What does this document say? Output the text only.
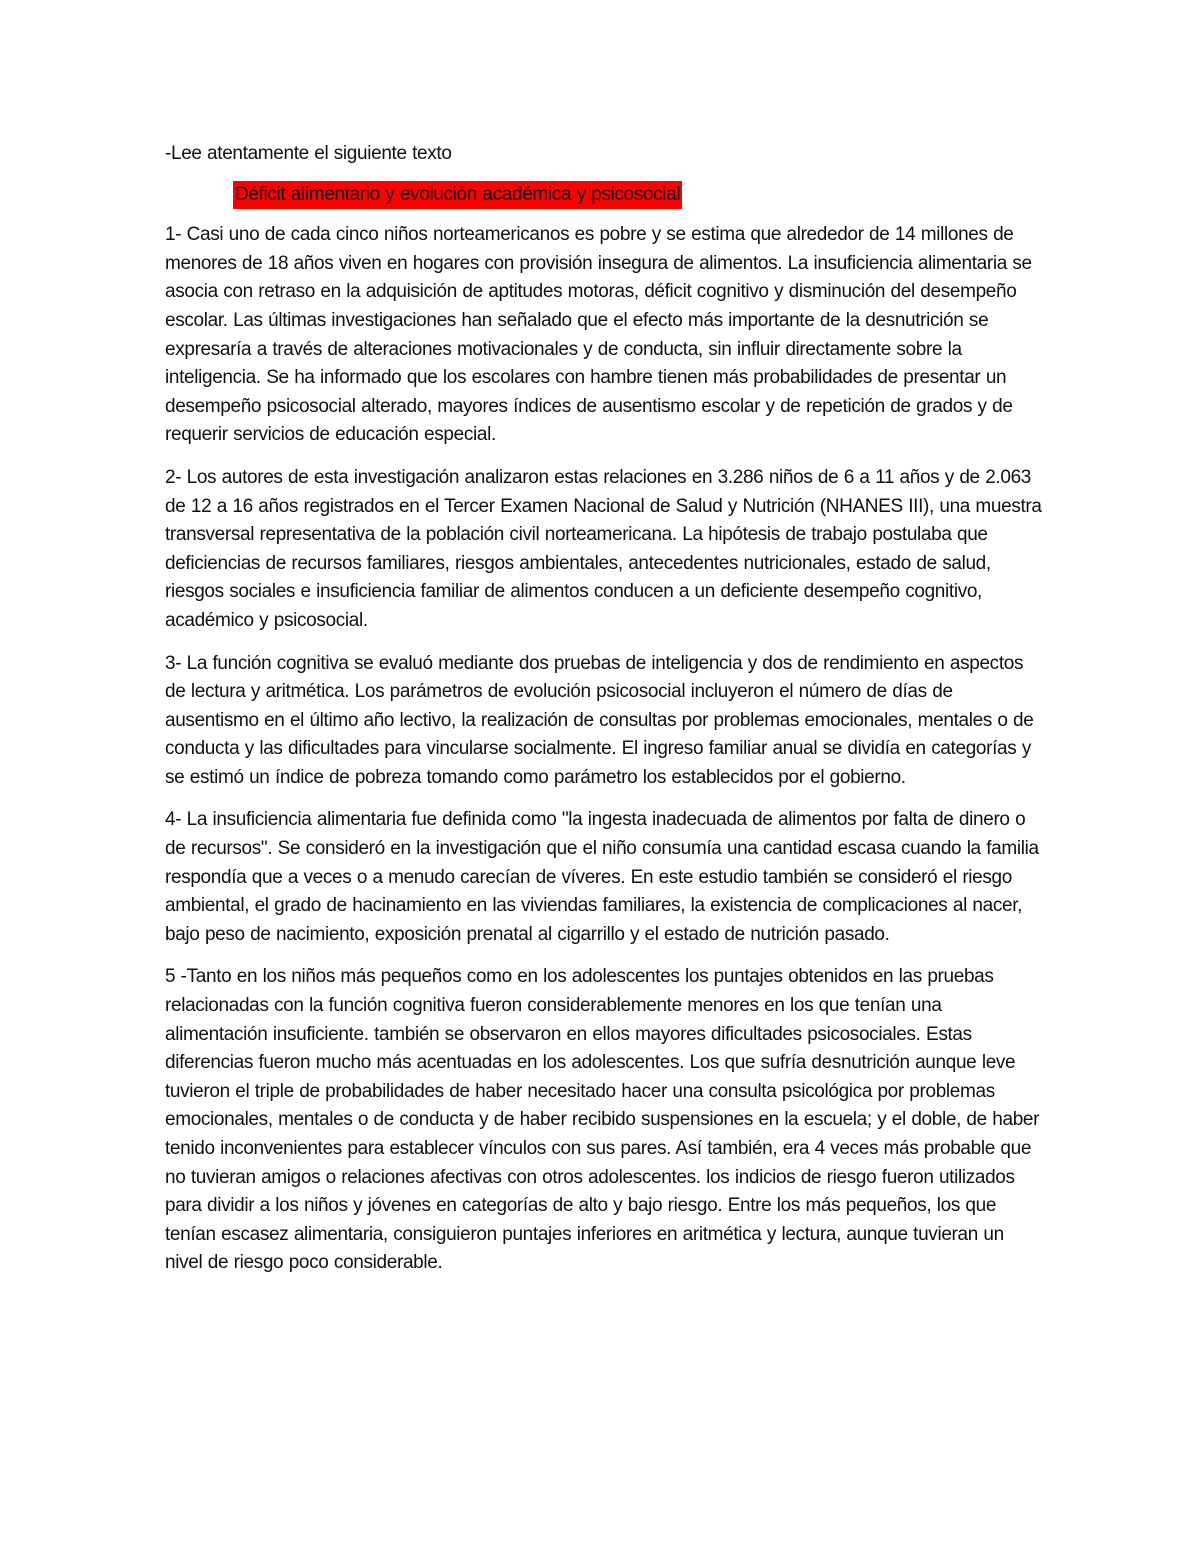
-Lee atentamente el siguiente texto

Déficit alimentario y evolución académica y psicosocial

1- Casi uno de cada cinco niños norteamericanos es pobre y se estima que alrededor de 14 millones de menores de 18 años viven en hogares con provisión insegura de alimentos. La insuficiencia alimentaria se asocia con retraso en la adquisición de aptitudes motoras, déficit cognitivo y disminución del desempeño escolar. Las últimas investigaciones han señalado que el efecto más importante de la desnutrición se expresaría a través de alteraciones motivacionales y de conducta, sin influir directamente sobre la inteligencia. Se ha informado que los escolares con hambre tienen más probabilidades de presentar un desempeño psicosocial alterado, mayores índices de ausentismo escolar y de repetición de grados y de requerir servicios de educación especial.

2- Los autores de esta investigación analizaron estas relaciones en 3.286 niños de 6 a 11 años y de 2.063 de 12 a 16 años registrados en el Tercer Examen Nacional de Salud y Nutrición (NHANES III), una muestra transversal representativa de la población civil norteamericana. La hipótesis de trabajo postulaba que deficiencias de recursos familiares, riesgos ambientales, antecedentes nutricionales, estado de salud, riesgos sociales e insuficiencia familiar de alimentos conducen a un deficiente desempeño cognitivo, académico y psicosocial.

3- La función cognitiva se evaluó mediante dos pruebas de inteligencia y dos de rendimiento en aspectos de lectura y aritmética. Los parámetros de evolución psicosocial incluyeron el número de días de ausentismo en el último año lectivo, la realización de consultas por problemas emocionales, mentales o de conducta y las dificultades para vincularse socialmente. El ingreso familiar anual se dividía en categorías y se estimó un índice de pobreza tomando como parámetro los establecidos por el gobierno.

4- La insuficiencia alimentaria fue definida como "la ingesta inadecuada de alimentos por falta de dinero o de recursos". Se consideró en la investigación que el niño consumía una cantidad escasa cuando la familia respondía que a veces o a menudo carecían de víveres. En este estudio también se consideró el riesgo ambiental, el grado de hacinamiento en las viviendas familiares, la existencia de complicaciones al nacer, bajo peso de nacimiento, exposición prenatal al cigarrillo y el estado de nutrición pasado.

5 -Tanto en los niños más pequeños como en los adolescentes los puntajes obtenidos en las pruebas relacionadas con la función cognitiva fueron considerablemente menores en los que tenían una alimentación insuficiente. también se observaron en ellos mayores dificultades psicosociales. Estas diferencias fueron mucho más acentuadas en los adolescentes. Los que sufría desnutrición aunque leve tuvieron el triple de probabilidades de haber necesitado hacer una consulta psicológica por problemas emocionales, mentales o de conducta y de haber recibido suspensiones en la escuela; y el doble, de haber tenido inconvenientes para establecer vínculos con sus pares. Así también, era 4 veces más probable que no tuvieran amigos o relaciones afectivas con otros adolescentes. los indicios de riesgo fueron utilizados para dividir a los niños y jóvenes en categorías de alto y bajo riesgo. Entre los más pequeños, los que tenían escasez alimentaria, consiguieron puntajes inferiores en aritmética y lectura, aunque tuvieran un nivel de riesgo poco considerable.
